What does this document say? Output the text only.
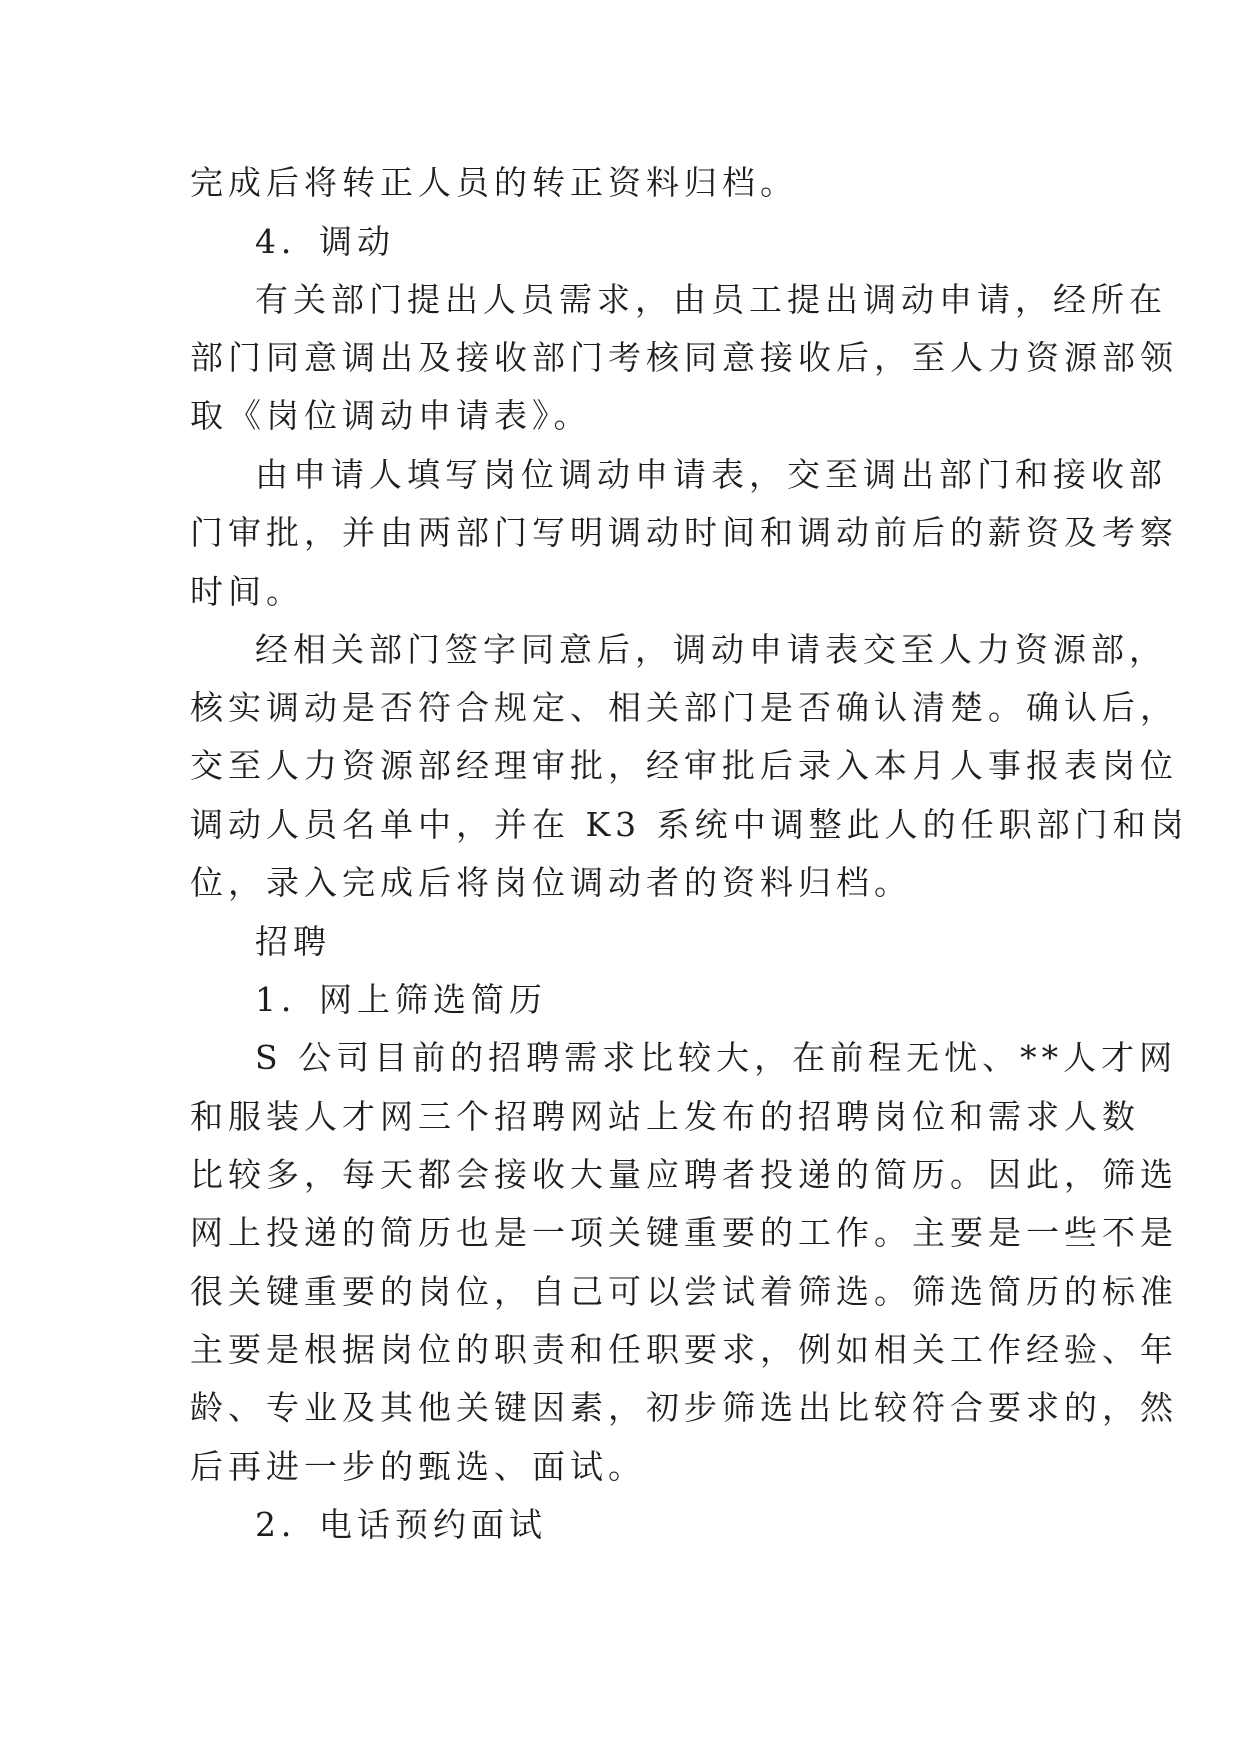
完成后将转正人员的转正资料归档。
4．调动
有关部门提出人员需求，由员工提出调动申请，经所在
部门同意调出及接收部门考核同意接收后，至人力资源部领
取《岗位调动申请表》。
由申请人填写岗位调动申请表，交至调出部门和接收部
门审批，并由两部门写明调动时间和调动前后的薪资及考察
时间。
经相关部门签字同意后，调动申请表交至人力资源部，
核实调动是否符合规定、相关部门是否确认清楚。确认后，
交至人力资源部经理审批，经审批后录入本月人事报表岗位
调动人员名单中，并在 K3 系统中调整此人的任职部门和岗
位，录入完成后将岗位调动者的资料归档。
招聘
1．网上筛选简历
S 公司目前的招聘需求比较大，在前程无忧、**人才网
和服装人才网三个招聘网站上发布的招聘岗位和需求人数
比较多，每天都会接收大量应聘者投递的简历。因此，筛选
网上投递的简历也是一项关键重要的工作。主要是一些不是
很关键重要的岗位，自己可以尝试着筛选。筛选简历的标准
主要是根据岗位的职责和任职要求，例如相关工作经验、年
龄、专业及其他关键因素，初步筛选出比较符合要求的，然
后再进一步的甄选、面试。
2．电话预约面试
